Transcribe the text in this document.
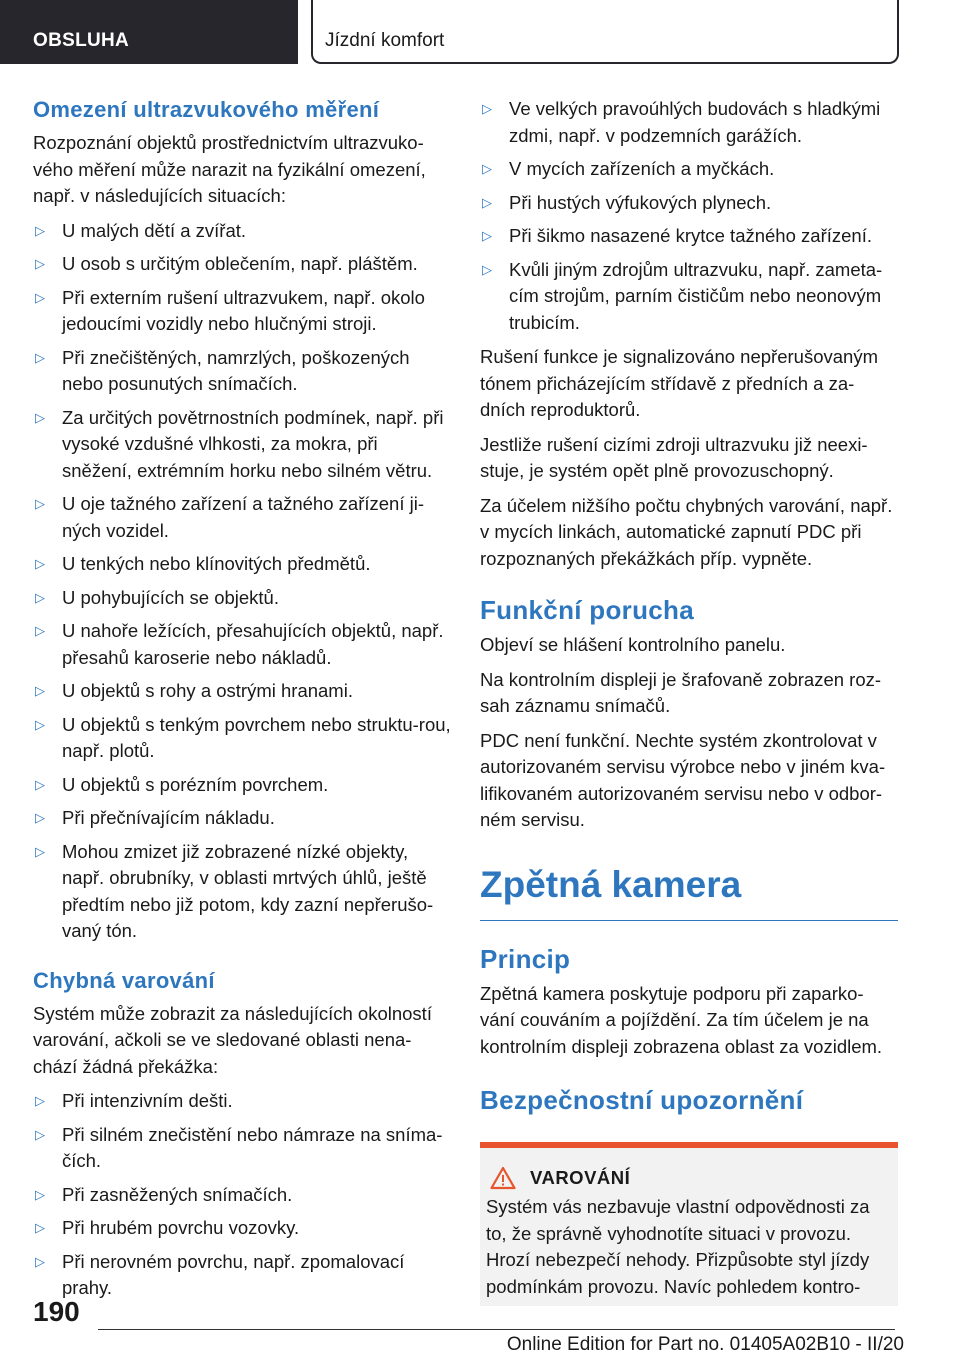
OBSLUHA	Jízdní komfort
Omezení ultrazvukového měření

Rozpoznání objektů prostřednictvím ultrazvuko-vého měření může narazit na fyzikální omezení, např. v následujících situacích:

▷ U malých dětí a zvířat.
▷ U osob s určitým oblečením, např. pláštěm.
▷ Při externím rušení ultrazvukem, např. okolo jedoucími vozidly nebo hlučnými stroji.
▷ Při znečištěných, namrzlých, poškozených nebo posunutých snímačích.
▷ Za určitých povětrnostních podmínek, např. při vysoké vzdušné vlhkosti, za mokra, při sněžení, extrémním horku nebo silném větru.
▷ U oje tažného zařízení a tažného zařízení ji-ných vozidel.
▷ U tenkých nebo klínovitých předmětů.
▷ U pohybujících se objektů.
▷ U nahoře ležících, přesahujících objektů, např. přesahů karoserie nebo nákladů.
▷ U objektů s rohy a ostrými hranami.
▷ U objektů s tenkým povrchem nebo struktu-rou, např. plotů.
▷ U objektů s porézním povrchem.
▷ Při přečnívajícím nákladu.
▷ Mohou zmizet již zobrazené nízké objekty, např. obrubníky, v oblasti mrtvých úhlů, ještě předtím nebo již potom, kdy zazní nepřerušo-vaný tón.
Chybná varování

Systém může zobrazit za následujících okolností varování, ačkoli se ve sledované oblasti nena-chází žádná překážka:

▷ Při intenzivním dešti.
▷ Při silném znečistění nebo námraze na sníma-čích.
▷ Při zasněžených snímačích.
▷ Při hrubém povrchu vozovky.
▷ Při nerovném povrchu, např. zpomalovací prahy.
▷ Ve velkých pravoúhlých budovách s hladkými zdmi, např. v podzemních garážích.
▷ V mycích zařízeních a myčkách.
▷ Při hustých výfukových plynech.
▷ Při šikmo nasazené krytce tažného zařízení.
▷ Kvůli jiným zdrojům ultrazvuku, např. zameta-cím strojům, parním čističům nebo neonovým trubicím.

Rušení funkce je signalizováno nepřerušovaným tónem přicházejícím střídavě z předních a za-dních reproduktorů.

Jestliže rušení cizími zdroji ultrazvuku již neexi-stuje, je systém opět plně provozuschopný.

Za účelem nižšího počtu chybných varování, např. v mycích linkách, automatické zapnutí PDC při rozpoznaných překážkách příp. vypněte.

Funkční porucha

Objeví se hlášení kontrolního panelu.

Na kontrolním displeji je šrafovaně zobrazen roz-sah záznamu snímačů.

PDC není funkční. Nechte systém zkontrolovat v autorizovaném servisu výrobce nebo v jiném kva-lifikovaném autorizovaném servisu nebo v odbor-ném servisu.

Zpětná kamera
Princip

Zpětná kamera poskytuje podporu při zaparko-vání couváním a pojíždění. Za tím účelem je na kontrolním displeji zobrazena oblast za vozidlem.

Bezpečnostní upozornění
VAROVÁNÍ

Systém vás nezbavuje vlastní odpovědnosti za to, že správně vyhodnotíte situaci v provozu. Hrozí nebezpečí nehody. Přizpůsobte styl jízdy podmínkám provozu. Navíc pohledem kontro-

190
Online Edition for Part no. 01405A02B10 - II/20
